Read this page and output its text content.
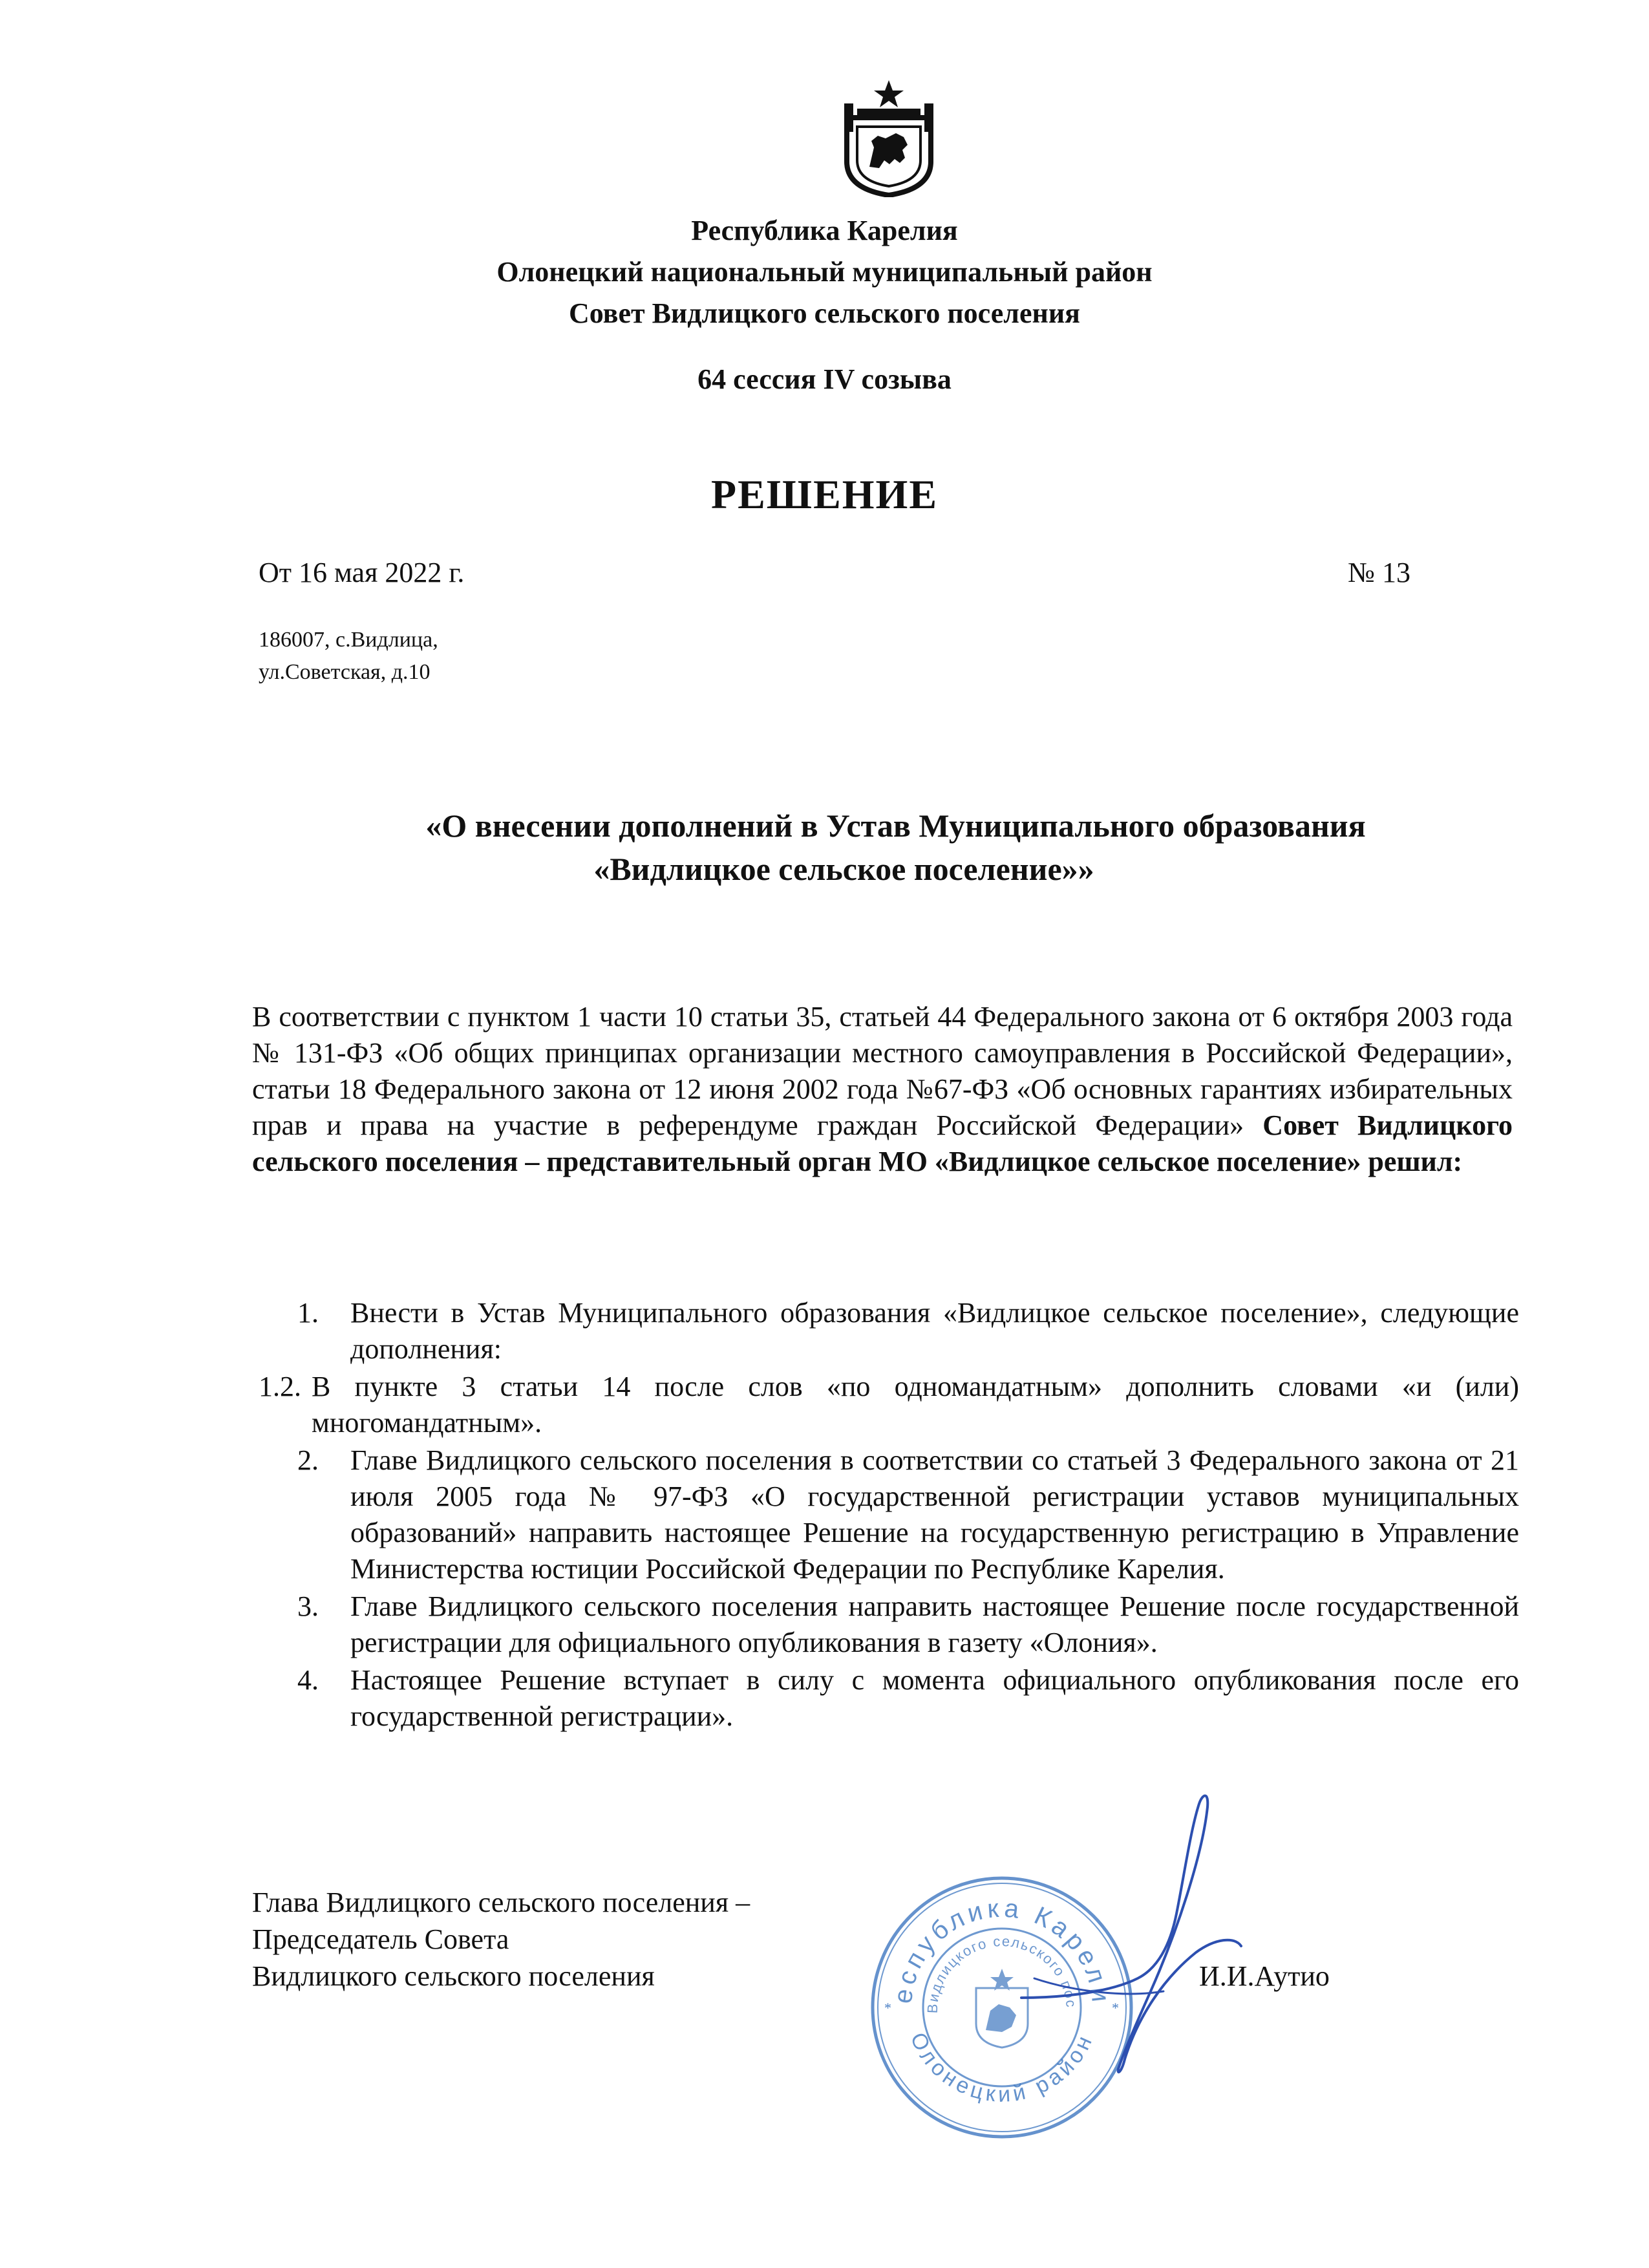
Республика Карелия
Олонецкий национальный муниципальный район
Совет Видлицкого сельского поселения
64 сессия IV созыва
РЕШЕНИЕ
От 16 мая 2022 г.	№ 13
186007, с.Видлица,
ул.Советская, д.10
«О внесении дополнений в Устав Муниципального образования
«Видлицкое сельское поселение»»
В соответствии с пунктом 1 части 10 статьи 35, статьей 44 Федерального закона от 6 октября 2003 года № 131-ФЗ «Об общих принципах организации местного самоуправления в Российской Федерации», статьи 18 Федерального закона от 12 июня 2002 года №67-ФЗ «Об основных гарантиях избирательных прав и права на участие в референдуме граждан Российской Федерации» Совет Видлицкого сельского поселения – представительный орган МО «Видлицкое сельское поселение» решил:
1. Внести в Устав Муниципального образования «Видлицкое сельское поселение», следующие дополнения:
1.2. В пункте 3 статьи 14 после слов «по одномандатным» дополнить словами «и (или) многомандатным».
2. Главе Видлицкого сельского поселения в соответствии со статьей 3 Федерального закона от 21 июля 2005 года № 97-ФЗ «О государственной регистрации уставов муниципальных образований» направить настоящее Решение на государственную регистрацию в Управление Министерства юстиции Российской Федерации по Республике Карелия.
3. Главе Видлицкого сельского поселения направить настоящее Решение после государственной регистрации для официального опубликования в газету «Олония».
4. Настоящее Решение вступает в силу с момента официального опубликования после его государственной регистрации».
Глава Видлицкого сельского поселения –
Председатель Совета
Видлицкого сельского поселения	И.И.Аутио
еспублика Карели
Олонецкий район
Видлицкого сельского пос
*	*
